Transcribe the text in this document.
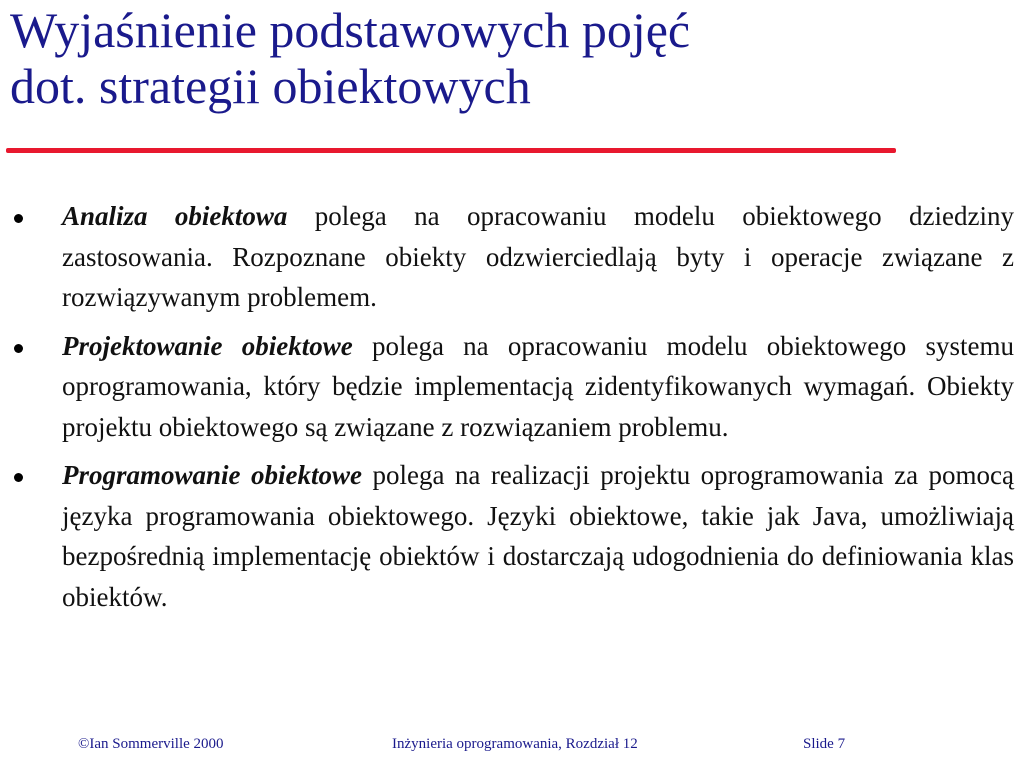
Wyjaśnienie podstawowych pojęć
dot. strategii obiektowych
Analiza obiektowa polega na opracowaniu modelu obiektowego dziedziny zastosowania. Rozpoznane obiekty odzwierciedlają byty i operacje związane z rozwiązywanym problemem.
Projektowanie obiektowe polega na opracowaniu modelu obiektowego systemu oprogramowania, który będzie implementacją zidentyfikowanych wymagań. Obiekty projektu obiektowego są związane z rozwiązaniem problemu.
Programowanie obiektowe polega na realizacji projektu oprogramowania za pomocą języka programowania obiektowego. Języki obiektowe, takie jak Java, umożliwiają bezpośrednią implementację obiektów i dostarczają udogodnienia do definiowania klas obiektów.
©Ian Sommerville 2000	Inżynieria oprogramowania, Rozdział 12	Slide 7
